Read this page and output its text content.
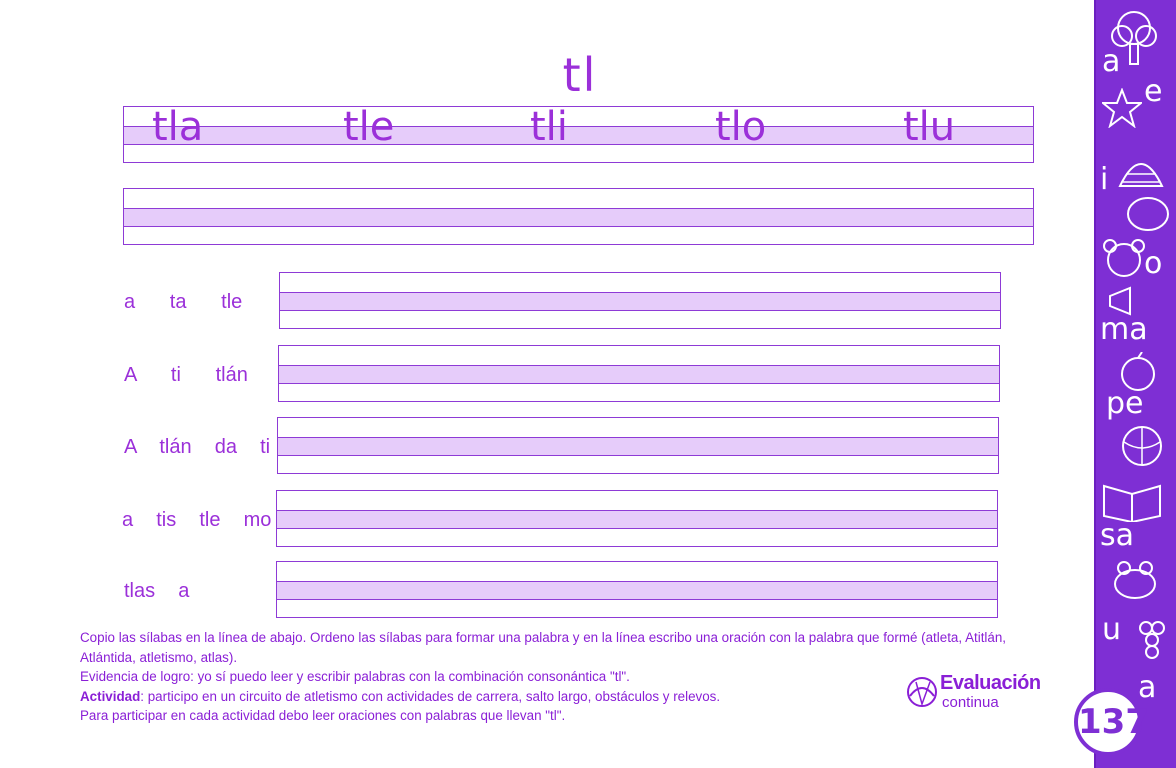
tl
tla	tle	tli	tlo	tlu
a   ta   tle
A   ti   tlán
A  tlán  da  ti
a  tis  tle  mo
tlas  a
Copio las sílabas en la línea de abajo. Ordeno las sílabas para formar una palabra y en la línea escribo una oración con la palabra que formé (atleta, Atitlán, Atlántida, atletismo, atlas).
Evidencia de logro: yo sí puedo leer y escribir palabras con la combinación consonántica "tl".
Actividad: participo en un circuito de atletismo con actividades de carrera, salto largo, obstáculos y relevos.
Para participar en cada actividad debo leer oraciones con palabras que llevan "tl".
Evaluación
continua
a
e
i
o
ma
pe
sa
u
a
137
